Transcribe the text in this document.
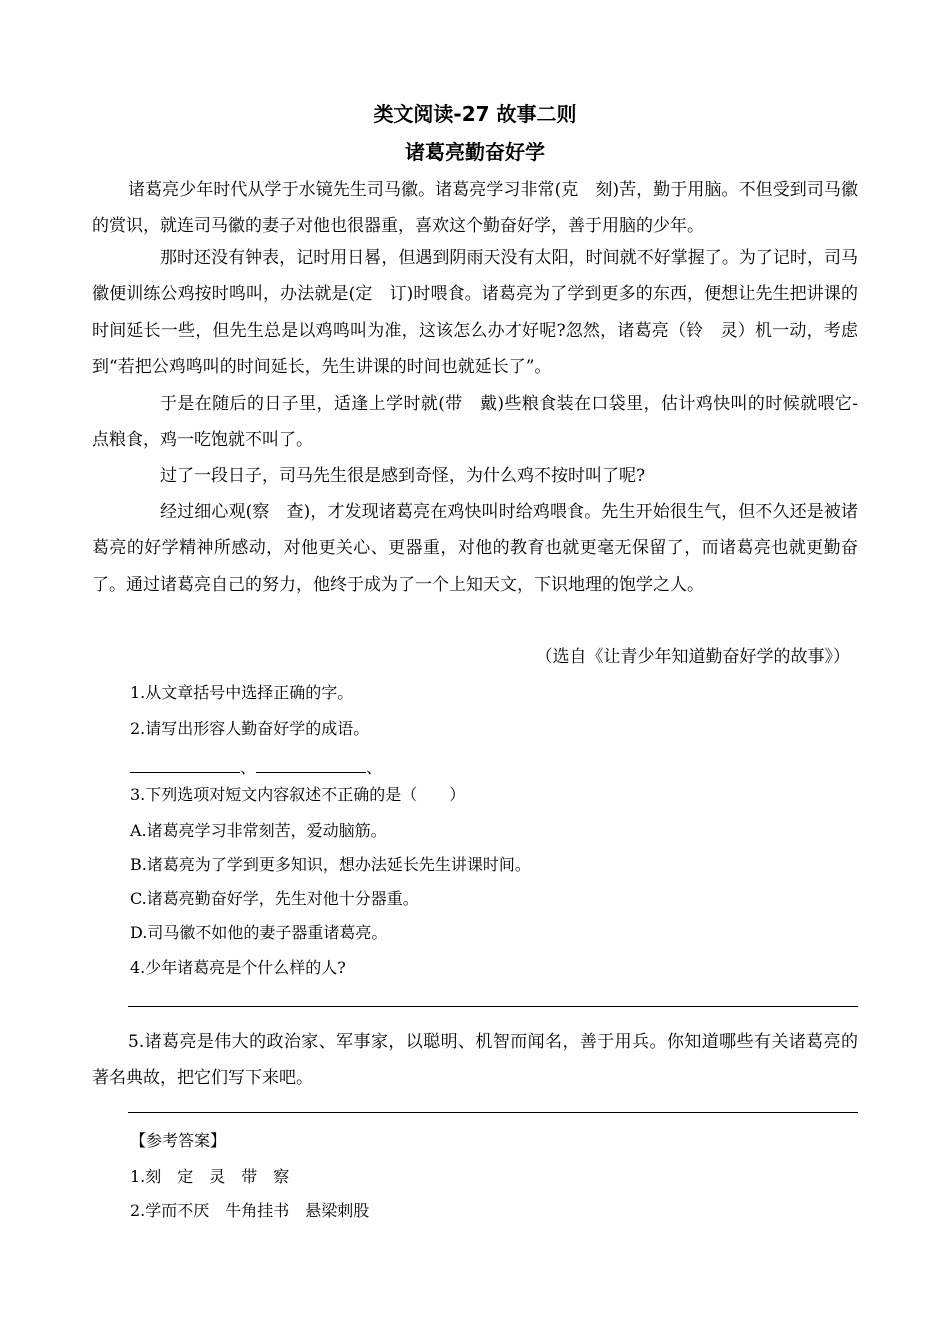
类文阅读-27 故事二则
诸葛亮勤奋好学

诸葛亮少年时代从学于水镜先生司马徽。诸葛亮学习非常(克　刻)苦，勤于用脑。不但受到司马徽的赏识，就连司马徽的妻子对他也很器重，喜欢这个勤奋好学，善于用脑的少年。

那时还没有钟表，记时用日晷，但遇到阴雨天没有太阳，时间就不好掌握了。为了记时，司马徽便训练公鸡按时鸣叫，办法就是(定　订)时喂食。诸葛亮为了学到更多的东西，便想让先生把讲课的时间延长一些，但先生总是以鸡鸣叫为准，这该怎么办才好呢?忽然，诸葛亮（铃　灵）机一动，考虑到“若把公鸡鸣叫的时间延长，先生讲课的时间也就延长了”。

于是在随后的日子里，适逢上学时就(带　戴)些粮食装在口袋里，估计鸡快叫的时候就喂它-点粮食，鸡一吃饱就不叫了。

过了一段日子，司马先生很是感到奇怪，为什么鸡不按时叫了呢?

经过细心观(察　查)，才发现诸葛亮在鸡快叫时给鸡喂食。先生开始很生气，但不久还是被诸葛亮的好学精神所感动，对他更关心、更器重，对他的教育也就更毫无保留了，而诸葛亮也就更勤奋了。通过诸葛亮自己的努力，他终于成为了一个上知天文，下识地理的饱学之人。

（选自《让青少年知道勤奋好学的故事》）
1.从文章括号中选择正确的字。
2.请写出形容人勤奋好学的成语。
、	、
3.下列选项对短文内容叙述不正确的是（　　）
A.诸葛亮学习非常刻苦，爱动脑筋。
B.诸葛亮为了学到更多知识，想办法延长先生讲课时间。
C.诸葛亮勤奋好学，先生对他十分器重。
D.司马徽不如他的妻子器重诸葛亮。
4.少年诸葛亮是个什么样的人?

5.诸葛亮是伟大的政治家、军事家，以聪明、机智而闻名，善于用兵。你知道哪些有关诸葛亮的著名典故，把它们写下来吧。

【参考答案】
1.刻　定　灵　带　察
2.学而不厌　牛角挂书　悬梁刺股
